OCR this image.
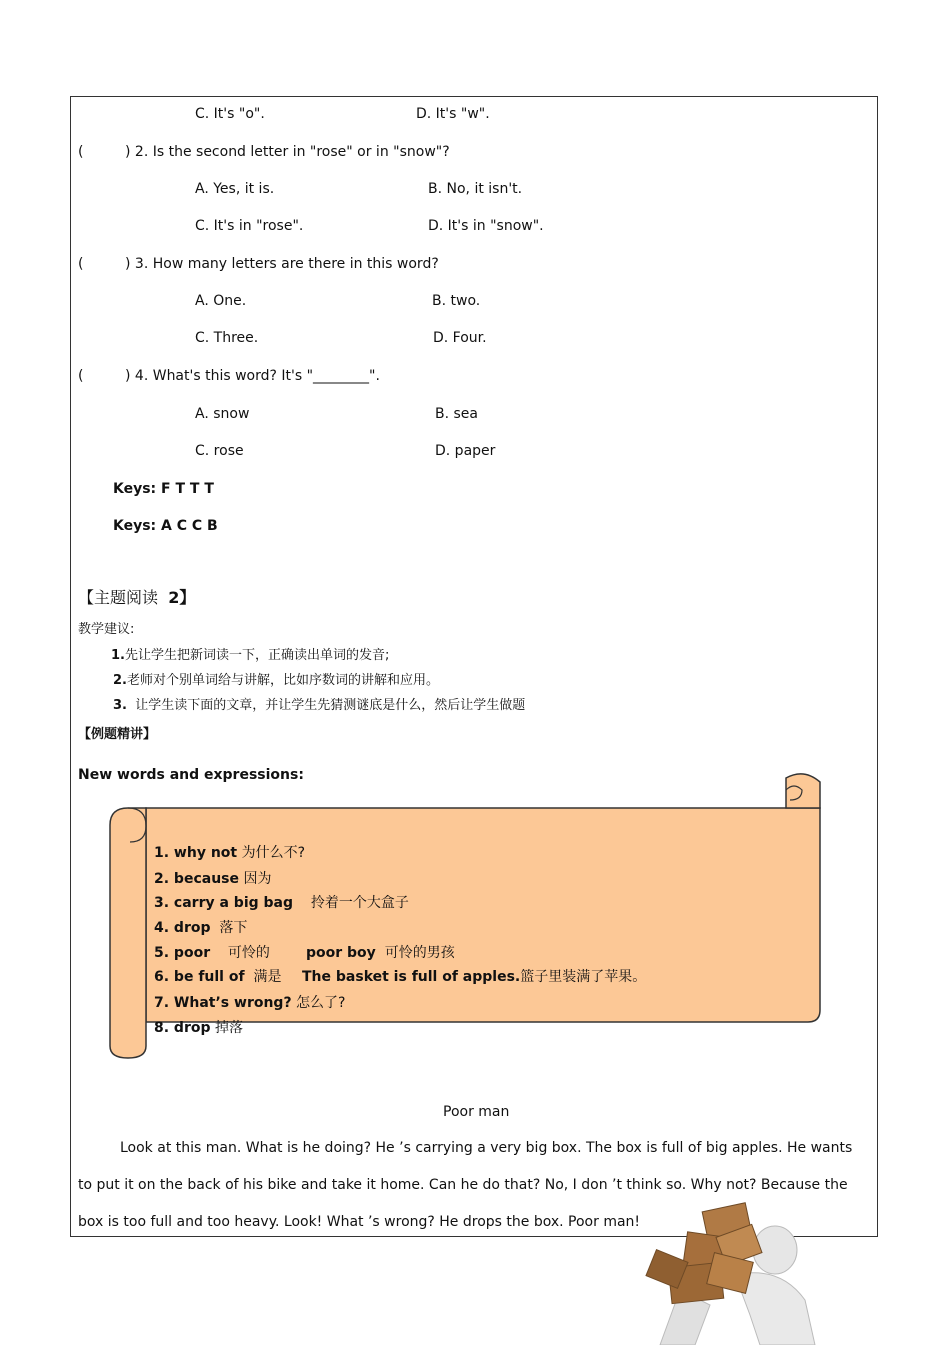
C. It's "o".	D. It's "w".
(	) 2. Is the second letter in "rose" or in "snow"?
A. Yes, it is.	B. No, it isn't.
C. It's in "rose".	D. It's in "snow".
(	) 3. How many letters are there in this word?
A. One.	B. two.
C. Three.	D. Four.
(	) 4. What's this word? It's "________".
A. snow	B. sea
C. rose	D. paper
Keys: F T T T
Keys: A C C B
【主题阅读 2】
教学建议:
1.先让学生把新词读一下，正确读出单词的发音;
2.老师对个别单词给与讲解，比如序数词的讲解和应用。
3. 让学生读下面的文章，并让学生先猜测谜底是什么，然后让学生做题
【例题精讲】
New words and expressions:
1. why not 为什么不?
2. because 因为
3. carry a big bag 拎着一个大盒子
4. drop 落下
5. poor 可怜的	poor boy 可怜的男孩
6. be full of 满是 The basket is full of apples.篮子里装满了苹果。
7. What’s wrong? 怎么了?
8. drop 掉落
Poor man
Look at this man. What is he doing? He ’s carrying a very big box. The box is full of big apples. He wants to put it on the back of his bike and take it home. Can he do that? No, I don ’t think so. Why not? Because the box is too full and too heavy. Look! What ’s wrong? He drops the box. Poor man!
